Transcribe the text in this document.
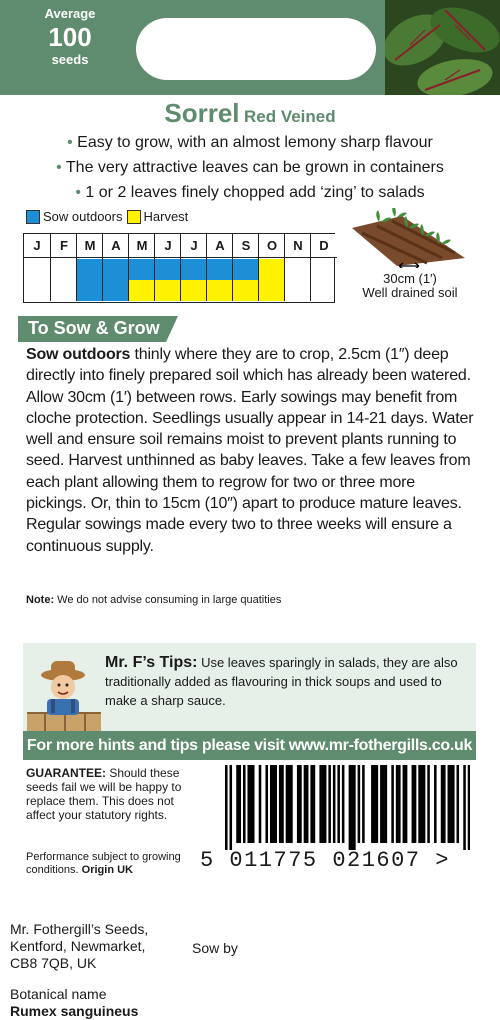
Average
100
seeds
Sorrel Red Veined
• Easy to grow, with an almost lemony sharp flavour
• The very attractive leaves can be grown in containers
• 1 or 2 leaves finely chopped add ‘zing’ to salads
Sow outdoors Harvest
J	F	M	A	M	J	J	A	S	O	N	D
30cm (1′)
Well drained soil
To Sow & Grow
Sow outdoors thinly where they are to crop, 2.5cm (1″) deep directly into finely prepared soil which has already been watered. Allow 30cm (1′) between rows. Early sowings may benefit from cloche protection. Seedlings usually appear in 14-21 days. Water well and ensure soil remains moist to prevent plants running to seed. Harvest unthinned as baby leaves. Take a few leaves from each plant allowing them to regrow for two or three more pickings. Or, thin to 15cm (10″) apart to produce mature leaves. Regular sowings made every two to three weeks will ensure a continuous supply.
Note: We do not advise consuming in large quatities
Mr. F’s Tips: Use leaves sparingly in salads, they are also traditionally added as flavouring in thick soups and used to make a sharp sauce.
For more hints and tips please visit www.mr-fothergills.co.uk
GUARANTEE: Should these seeds fail we will be happy to replace them. This does not affect your statutory rights.
5 011775 021607 >
Performance subject to growing conditions. Origin UK
Mr. Fothergill’s Seeds,
Kentford, Newmarket,
CB8 7QB, UK
Sow by
Botanical name
Rumex sanguineus
